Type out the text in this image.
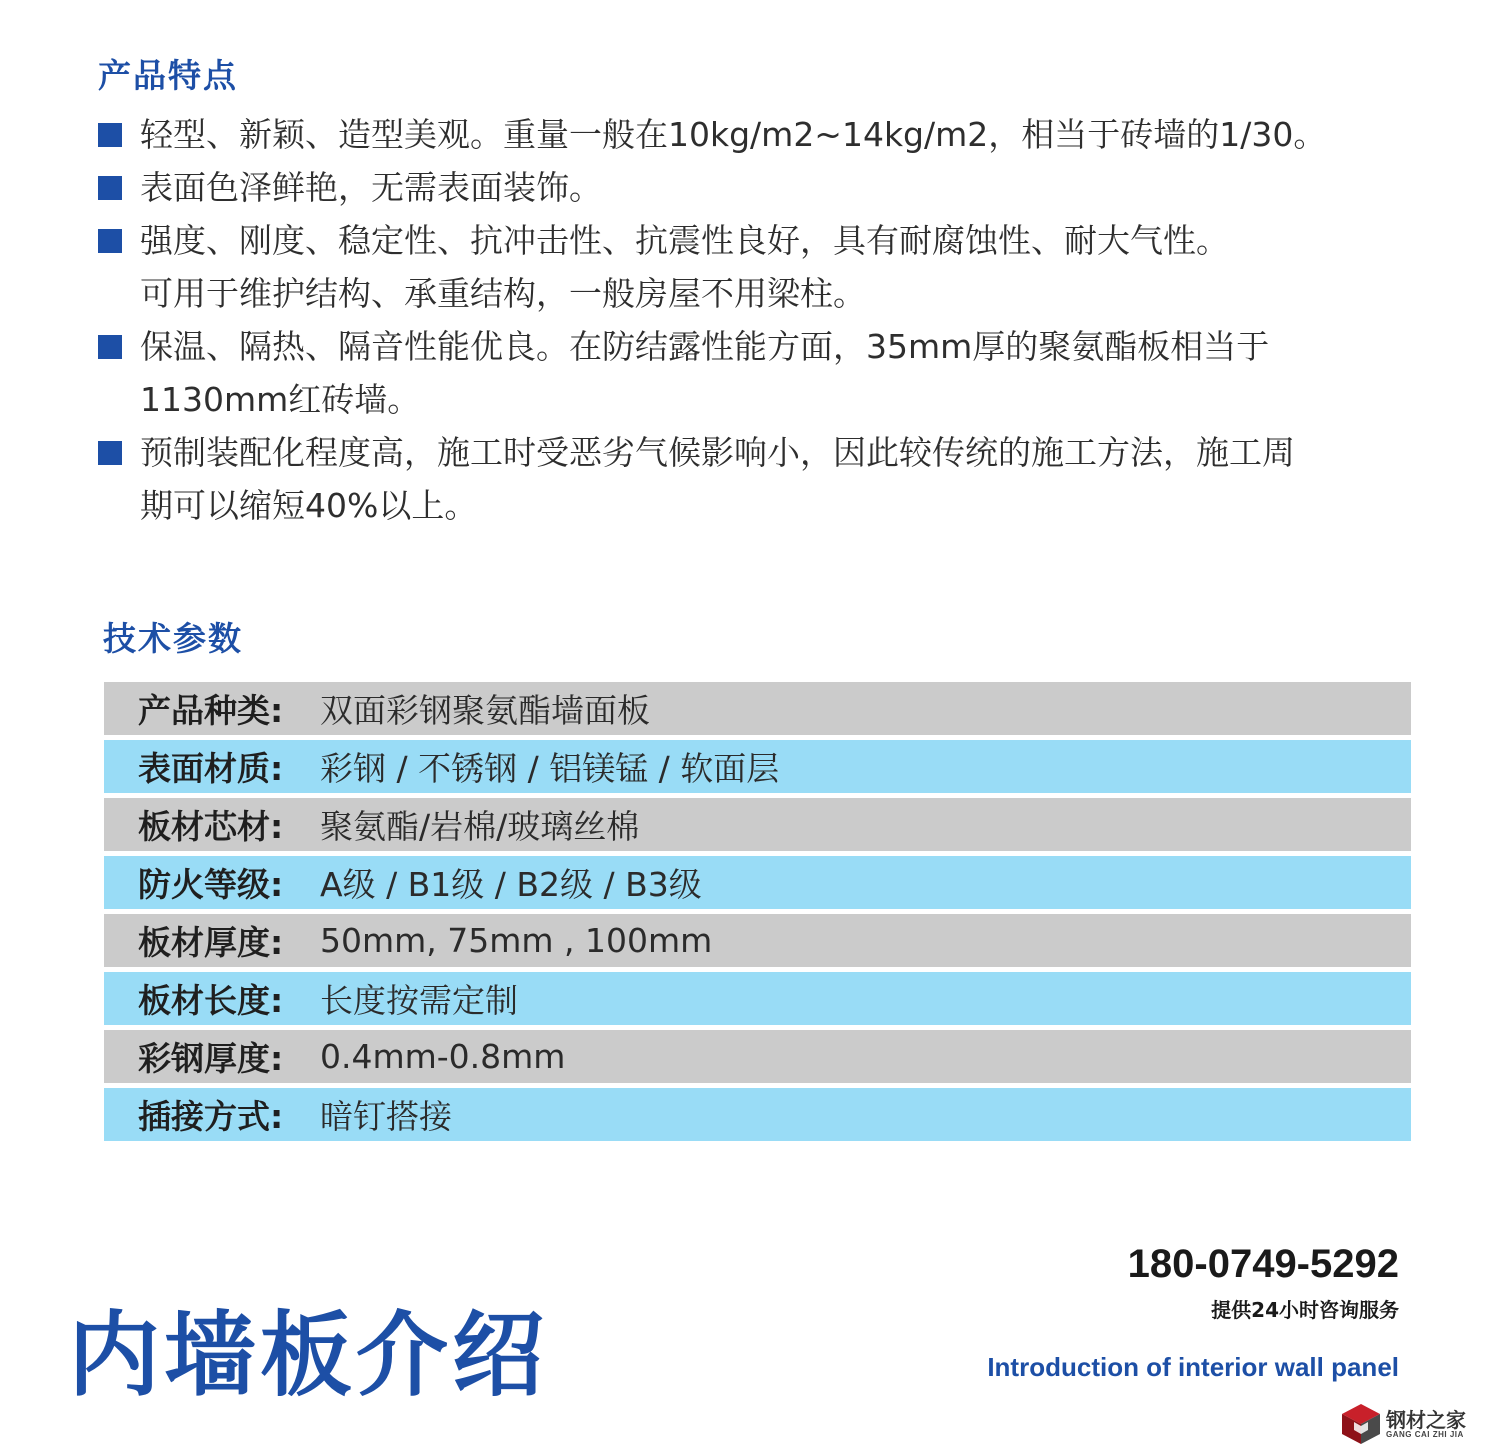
产品特点
轻型、新颖、造型美观。重量一般在10kg/m2~14kg/m2，相当于砖墙的1/30。
表面色泽鲜艳，无需表面装饰。
强度、刚度、稳定性、抗冲击性、抗震性良好，具有耐腐蚀性、耐大气性。
可用于维护结构、承重结构，一般房屋不用梁柱。
保温、隔热、隔音性能优良。在防结露性能方面，35mm厚的聚氨酯板相当于
1130mm红砖墙。
预制装配化程度高，施工时受恶劣气候影响小，因此较传统的施工方法，施工周
期可以缩短40%以上。
技术参数
产品种类:	双面彩钢聚氨酯墙面板
表面材质:	彩钢 / 不锈钢 / 铝镁锰 / 软面层
板材芯材:	聚氨酯/岩棉/玻璃丝棉
防火等级:	A级 / B1级 / B2级 / B3级
板材厚度:	50mm, 75mm , 100mm
板材长度:	长度按需定制
彩钢厚度:	0.4mm-0.8mm
插接方式:	暗钉搭接
内墙板介绍
180-0749-5292
提供24小时咨询服务
Introduction of interior wall panel
钢材之家
GANG CAI ZHI JIA
